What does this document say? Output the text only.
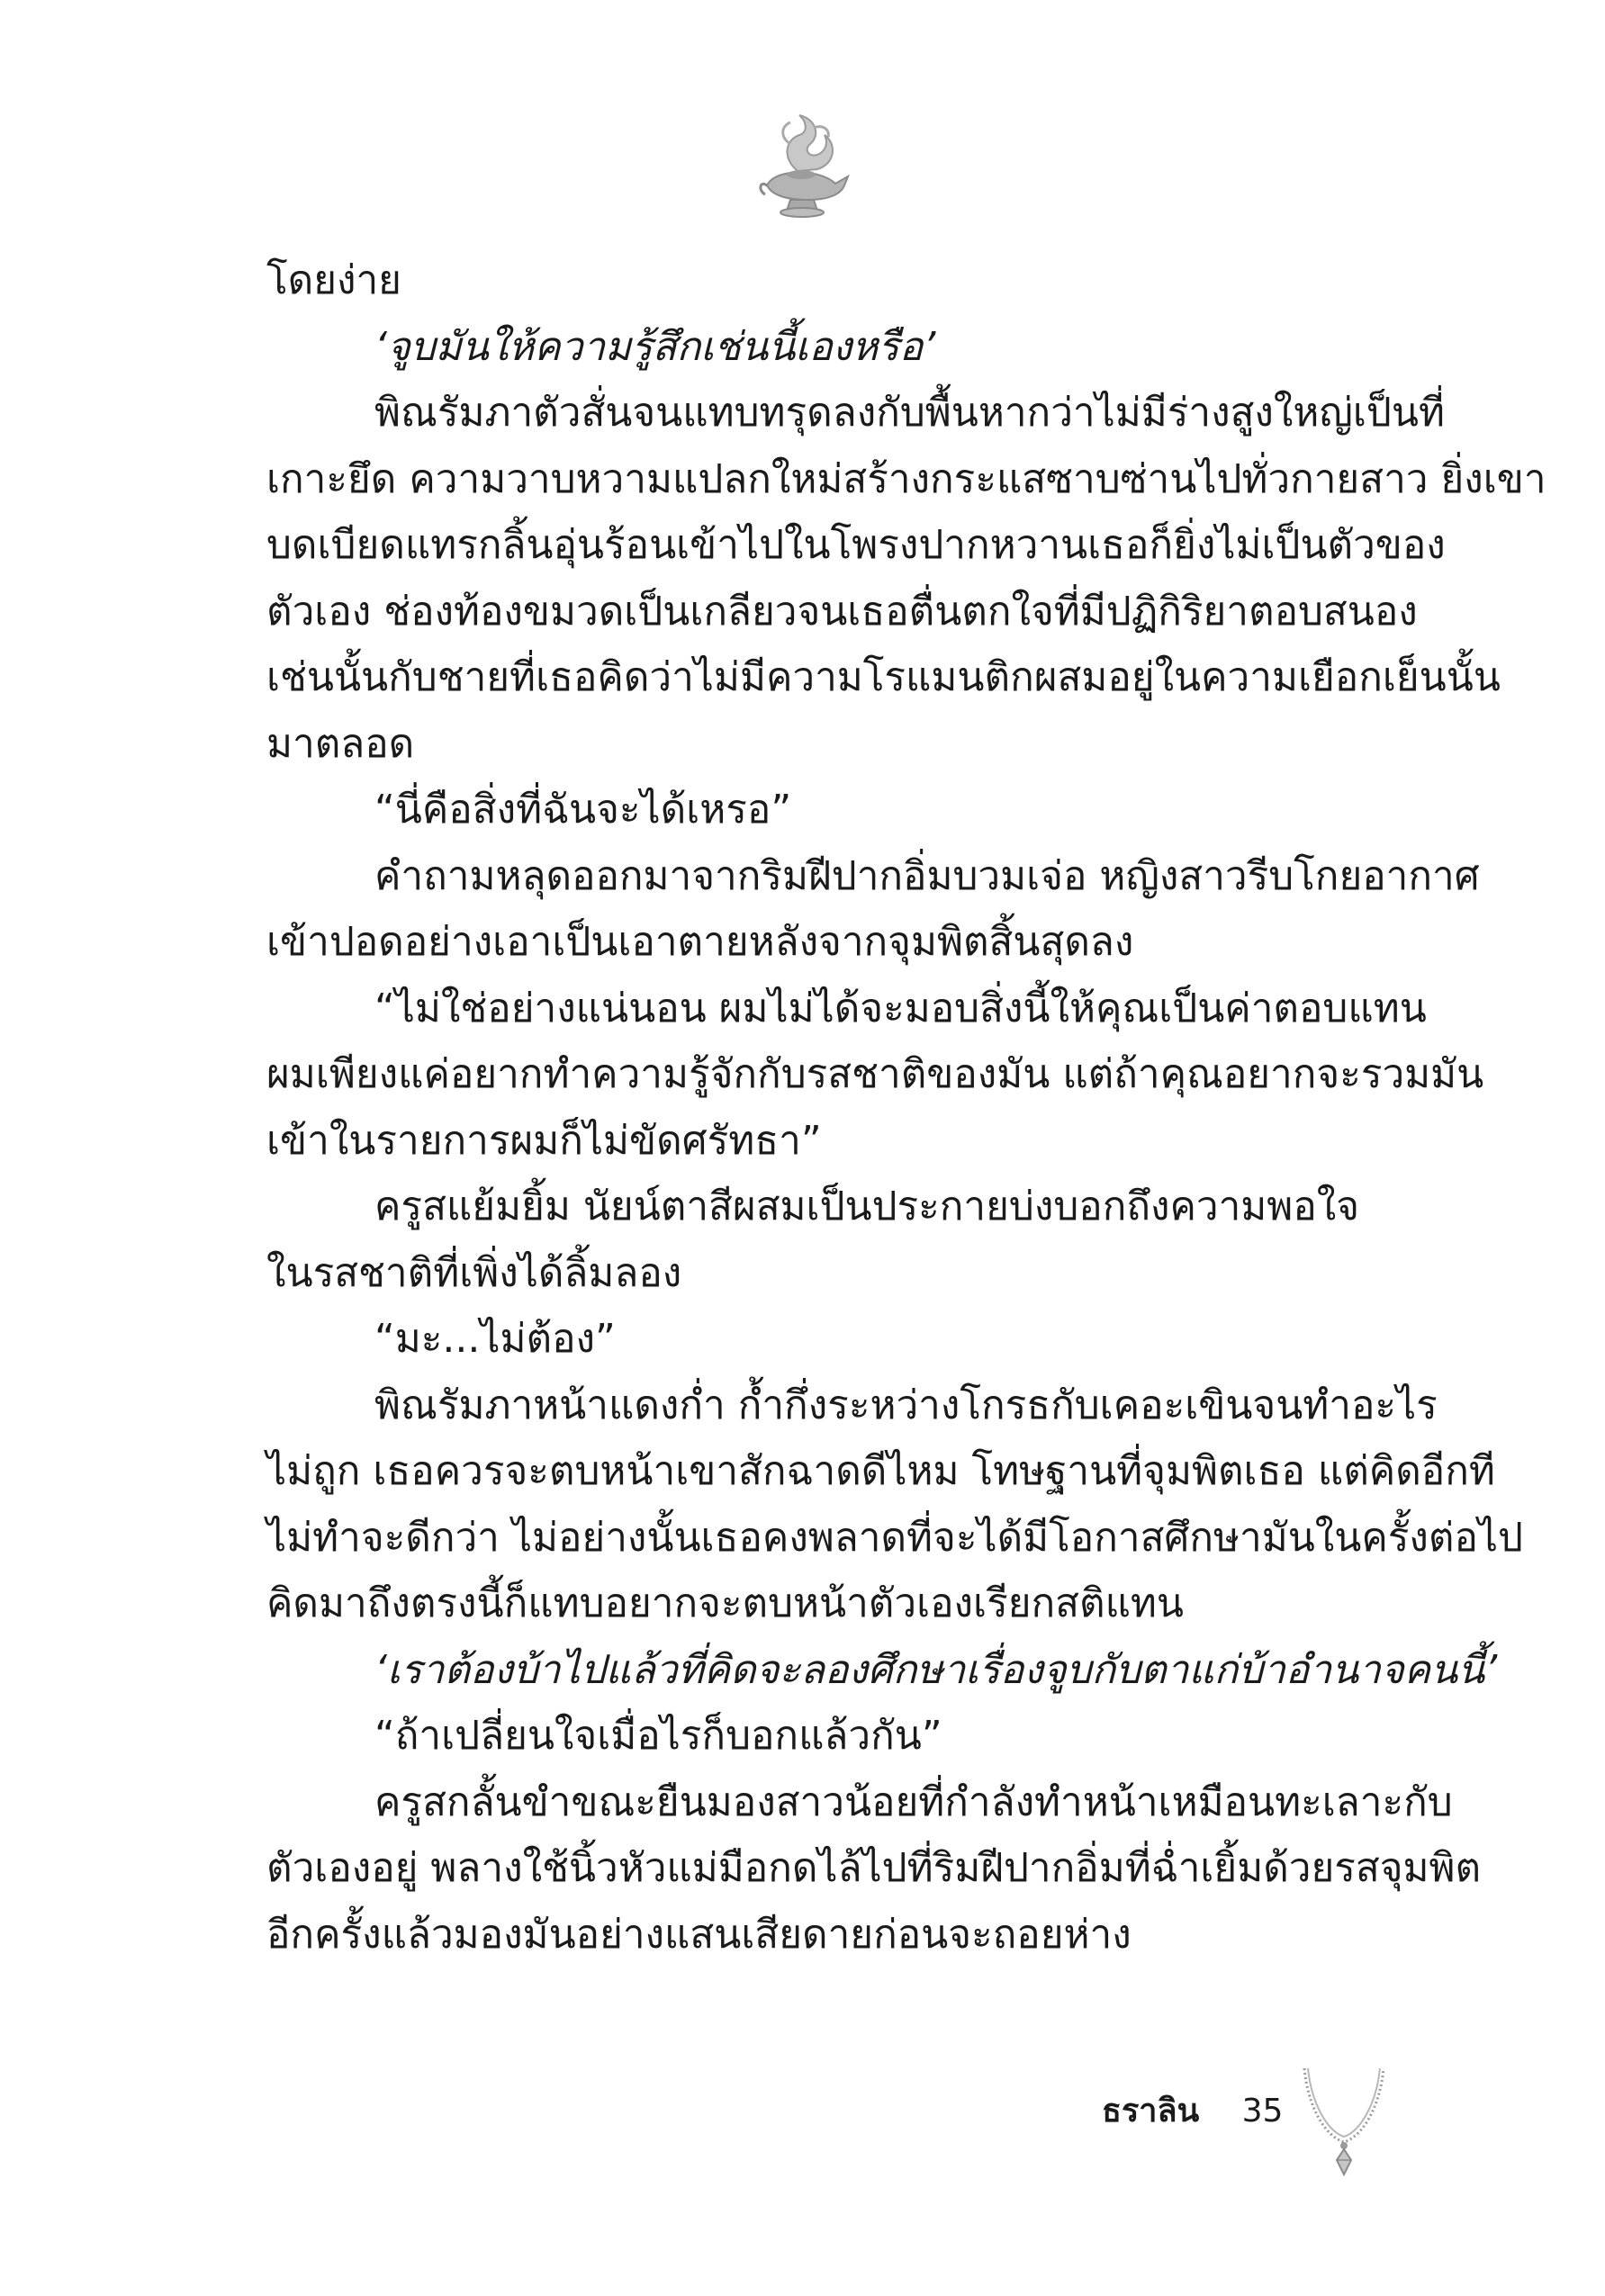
โดยง่าย
‘จูบมันให้ความรู้สึกเช่นนี้เองหรือ’
พิณรัมภาตัวสั่นจนแทบทรุดลงกับพื้นหากว่าไม่มีร่างสูงใหญ่เป็นที่
เกาะยึด ความวาบหวามแปลกใหม่สร้างกระแสซาบซ่านไปทั่วกายสาว ยิ่งเขา
บดเบียดแทรกลิ้นอุ่นร้อนเข้าไปในโพรงปากหวานเธอก็ยิ่งไม่เป็นตัวของ
ตัวเอง ช่องท้องขมวดเป็นเกลียวจนเธอตื่นตกใจที่มีปฏิกิริยาตอบสนอง
เช่นนั้นกับชายที่เธอคิดว่าไม่มีความโรแมนติกผสมอยู่ในความเยือกเย็นนั้น
มาตลอด
“นี่คือสิ่งที่ฉันจะได้เหรอ”
คำถามหลุดออกมาจากริมฝีปากอิ่มบวมเจ่อ หญิงสาวรีบโกยอากาศ
เข้าปอดอย่างเอาเป็นเอาตายหลังจากจุมพิตสิ้นสุดลง
“ไม่ใช่อย่างแน่นอน ผมไม่ได้จะมอบสิ่งนี้ให้คุณเป็นค่าตอบแทน
ผมเพียงแค่อยากทำความรู้จักกับรสชาติของมัน แต่ถ้าคุณอยากจะรวมมัน
เข้าในรายการผมก็ไม่ขัดศรัทธา”
ครูสแย้มยิ้ม นัยน์ตาสีผสมเป็นประกายบ่งบอกถึงความพอใจ
ในรสชาติที่เพิ่งได้ลิ้มลอง
“มะ...ไม่ต้อง”
พิณรัมภาหน้าแดงก่ำ ก้ำกึ่งระหว่างโกรธกับเคอะเขินจนทำอะไร
ไม่ถูก เธอควรจะตบหน้าเขาสักฉาดดีไหม โทษฐานที่จุมพิตเธอ แต่คิดอีกที
ไม่ทำจะดีกว่า ไม่อย่างนั้นเธอคงพลาดที่จะได้มีโอกาสศึกษามันในครั้งต่อไป
คิดมาถึงตรงนี้ก็แทบอยากจะตบหน้าตัวเองเรียกสติแทน
‘เราต้องบ้าไปแล้วที่คิดจะลองศึกษาเรื่องจูบกับตาแก่บ้าอำนาจคนนี้’
“ถ้าเปลี่ยนใจเมื่อไรก็บอกแล้วกัน”
ครูสกลั้นขำขณะยืนมองสาวน้อยที่กำลังทำหน้าเหมือนทะเลาะกับ
ตัวเองอยู่ พลางใช้นิ้วหัวแม่มือกดไล้ไปที่ริมฝีปากอิ่มที่ฉ่ำเยิ้มด้วยรสจุมพิต
อีกครั้งแล้วมองมันอย่างแสนเสียดายก่อนจะถอยห่าง
ธราลิน 35
